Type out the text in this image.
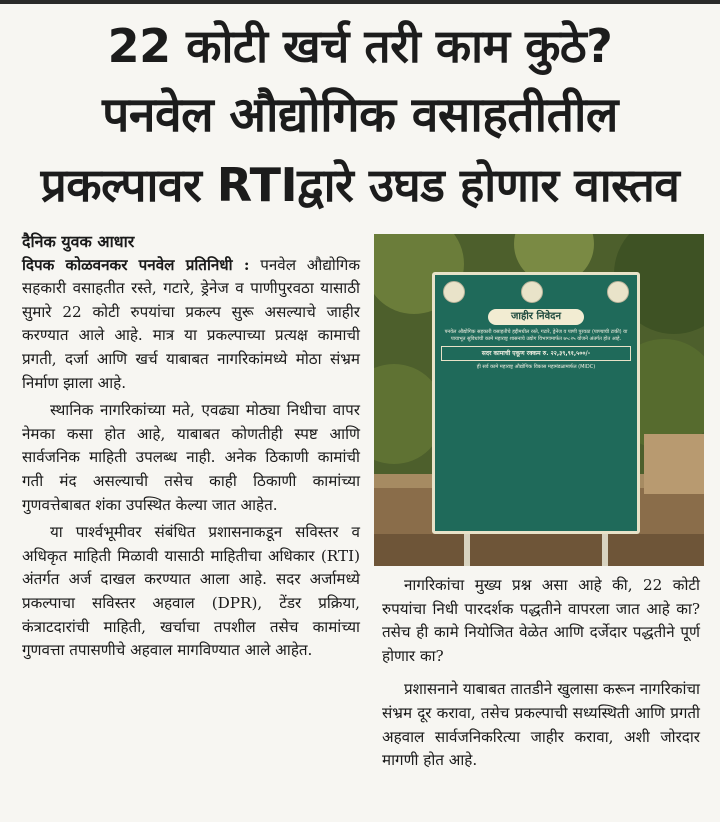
22 कोटी खर्च तरी काम कुठे?
पनवेल औद्योगिक वसाहतीतील
प्रकल्पावर RTIद्वारे उघड होणार वास्तव

दैनिक युवक आधार

दिपक कोळवनकर पनवेल प्रतिनिधी : पनवेल औद्योगिक सहकारी वसाहतीत रस्ते, गटारे, ड्रेनेज व पाणीपुरवठा यासाठी सुमारे 22 कोटी रुपयांचा प्रकल्प सुरू असल्याचे जाहीर करण्यात आले आहे. मात्र या प्रकल्पाच्या प्रत्यक्ष कामाची प्रगती, दर्जा आणि खर्च याबाबत नागरिकांमध्ये मोठा संभ्रम निर्माण झाला आहे.

स्थानिक नागरिकांच्या मते, एवढ्या मोठ्या निधीचा वापर नेमका कसा होत आहे, याबाबत कोणतीही स्पष्ट आणि सार्वजनिक माहिती उपलब्ध नाही. अनेक ठिकाणी कामांची गती मंद असल्याची तसेच काही ठिकाणी कामांच्या गुणवत्तेबाबत शंका उपस्थित केल्या जात आहेत.

या पार्श्वभूमीवर संबंधित प्रशासनाकडून सविस्तर व अधिकृत माहिती मिळावी यासाठी माहितीचा अधिकार (RTI) अंतर्गत अर्ज दाखल करण्यात आला आहे. सदर अर्जामध्ये प्रकल्पाचा सविस्तर अहवाल (DPR), टेंडर प्रक्रिया, कंत्राटदारांची माहिती, खर्चाचा तपशील तसेच कामांच्या गुणवत्ता तपासणीचे अहवाल मागविण्यात आले आहेत.

जाहीर निवेदन
पनवेल औद्योगिक सहकारी वसाहतीचे हद्दीमधील रस्ते, गटारे, ड्रेनेज व पाणी पुरवठा (पाण्याची टाकी) या पायाभूत सुविधांची कामे महाराष्ट्र शासनाचे उद्योग विभागामार्फत ७५:२५ योजने अंतर्गत होत आहे.
सदर कामाची एकूण रक्कम रु. २२,३९,९१,५००/-
ही सर्व कामे महाराष्ट्र औद्योगिक विकास महामंडळामार्फत (MIDC)

नागरिकांचा मुख्य प्रश्न असा आहे की, 22 कोटी रुपयांचा निधी पारदर्शक पद्धतीने वापरला जात आहे का? तसेच ही कामे नियोजित वेळेत आणि दर्जेदार पद्धतीने पूर्ण होणार का?

प्रशासनाने याबाबत तातडीने खुलासा करून नागरिकांचा संभ्रम दूर करावा, तसेच प्रकल्पाची सध्यस्थिती आणि प्रगती अहवाल सार्वजनिकरित्या जाहीर करावा, अशी जोरदार मागणी होत आहे.
